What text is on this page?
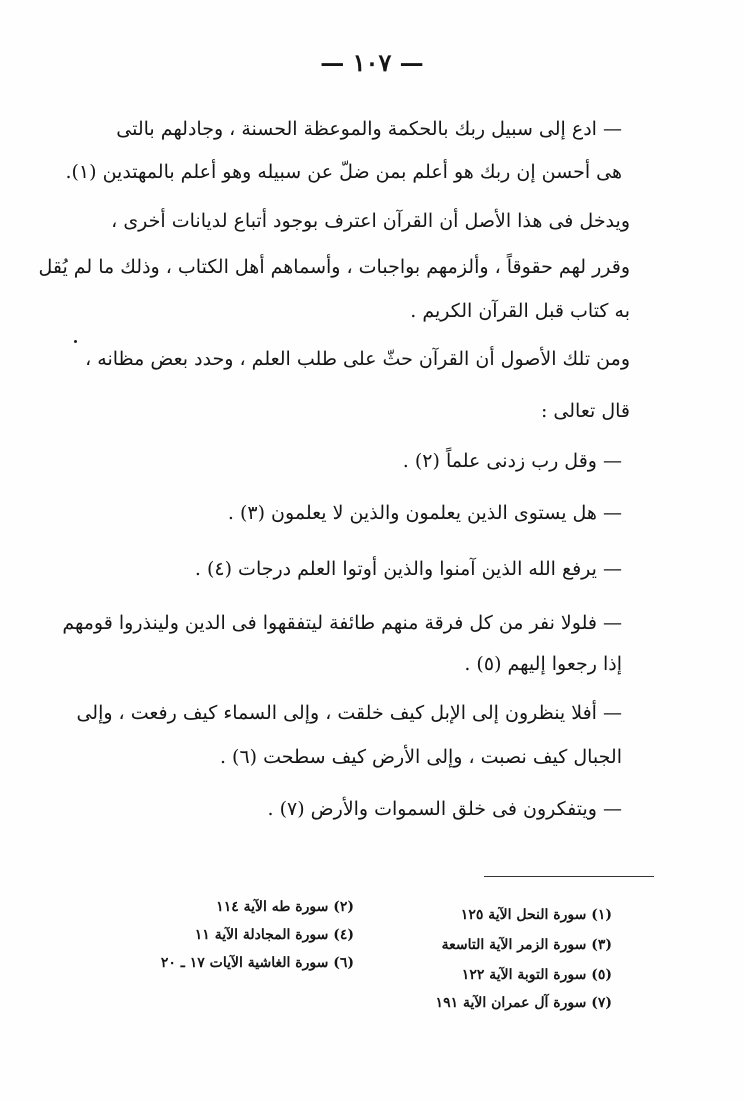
— ١٠٧ —
— ادع إلى سبيل ربك بالحكمة والموعظة الحسنة ، وجادلهم بالتى
هى أحسن إن ربك هو أعلم بمن ضلّ عن سبيله وهو أعلم بالمهتدين (١).
ويدخل فى هذا الأصل أن القرآن اعترف بوجود أتباع لديانات أخرى ،
وقرر لهم حقوقاً ، وألزمهم بواجبات ، وأسماهم أهل الكتاب ، وذلك ما لم يُقل
به كتاب قبل القرآن الكريم .
ومن تلك الأصول أن القرآن حثّ على طلب العلم ، وحدد بعض مظانه ،
قال تعالى :
— وقل رب زدنى علماً (٢) .
— هل يستوى الذين يعلمون والذين لا يعلمون (٣) .
— يرفع الله الذين آمنوا والذين أوتوا العلم درجات (٤) .
— فلولا نفر من كل فرقة منهم طائفة ليتفقهوا فى الدين ولينذروا قومهم
إذا رجعوا إليهم (٥) .
— أفلا ينظرون إلى الإبل كيف خلقت ، وإلى السماء كيف رفعت ، وإلى
الجبال كيف نصبت ، وإلى الأرض كيف سطحت (٦) .
— ويتفكرون فى خلق السموات والأرض (٧) .
(١) سورة النحل الآية ١٢٥
(٢) سورة طه الآية ١١٤
(٣) سورة الزمر الآية التاسعة
(٤) سورة المجادلة الآية ١١
(٥) سورة التوبة الآية ١٢٢
(٦) سورة الغاشية الآيات ١٧ ـ ٢٠
(٧) سورة آل عمران الآية ١٩١
